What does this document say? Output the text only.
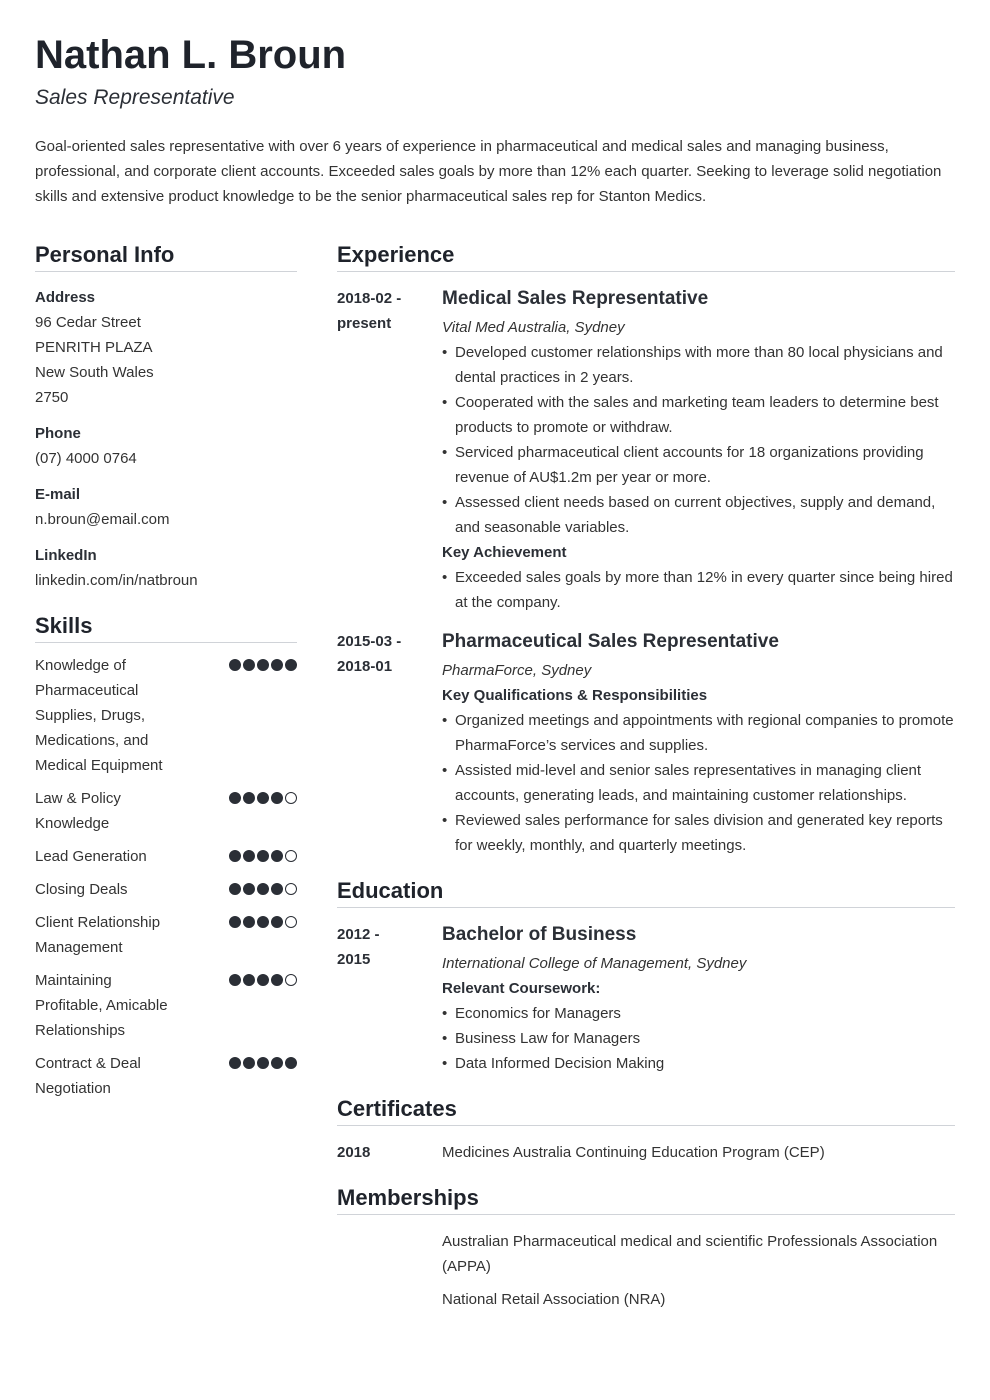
Nathan L. Broun
Sales Representative
Goal-oriented sales representative with over 6 years of experience in pharmaceutical and medical sales and managing business, professional, and corporate client accounts. Exceeded sales goals by more than 12% each quarter. Seeking to leverage solid negotiation skills and extensive product knowledge to be the senior pharmaceutical sales rep for Stanton Medics.
Personal Info
Address
96 Cedar Street
PENRITH PLAZA
New South Wales
2750
Phone
(07) 4000 0764
E-mail
n.broun@email.com
LinkedIn
linkedin.com/in/natbroun
Skills
Knowledge of Pharmaceutical Supplies, Drugs, Medications, and Medical Equipment
Law & Policy Knowledge
Lead Generation
Closing Deals
Client Relationship Management
Maintaining Profitable, Amicable Relationships
Contract & Deal Negotiation
Experience
2018-02 -
present
Medical Sales Representative
Vital Med Australia, Sydney
• Developed customer relationships with more than 80 local physicians and dental practices in 2 years.
• Cooperated with the sales and marketing team leaders to determine best products to promote or withdraw.
• Serviced pharmaceutical client accounts for 18 organizations providing revenue of AU$1.2m per year or more.
• Assessed client needs based on current objectives, supply and demand, and seasonable variables.
Key Achievement
• Exceeded sales goals by more than 12% in every quarter since being hired at the company.
2015-03 -
2018-01
Pharmaceutical Sales Representative
PharmaForce, Sydney
Key Qualifications & Responsibilities
• Organized meetings and appointments with regional companies to promote PharmaForce’s services and supplies.
• Assisted mid-level and senior sales representatives in managing client accounts, generating leads, and maintaining customer relationships.
• Reviewed sales performance for sales division and generated key reports for weekly, monthly, and quarterly meetings.
Education
2012 -
2015
Bachelor of Business
International College of Management, Sydney
Relevant Coursework:
• Economics for Managers
• Business Law for Managers
• Data Informed Decision Making
Certificates
2018	Medicines Australia Continuing Education Program (CEP)
Memberships
Australian Pharmaceutical medical and scientific Professionals Association (APPA)
National Retail Association (NRA)
